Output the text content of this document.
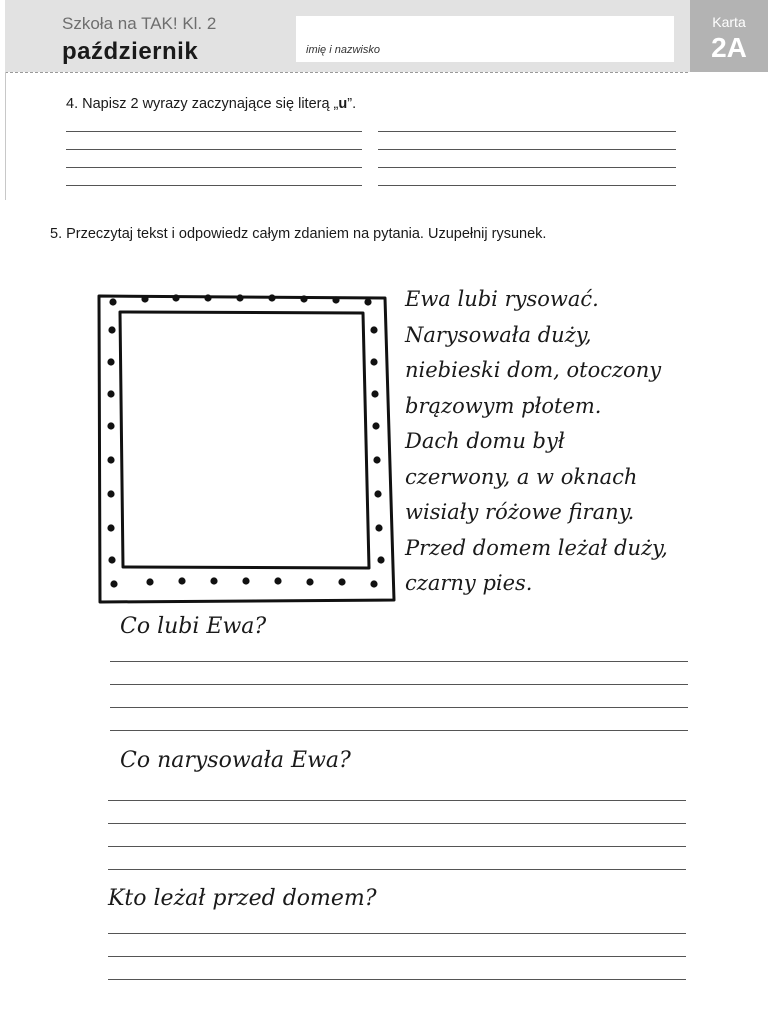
Szkoła na TAK! Kl. 2
październik	imię i nazwisko
Karta
2A
4. Napisz 2 wyrazy zaczynające się literą „u”.
5. Przeczytaj tekst i odpowiedz całym zdaniem na pytania. Uzupełnij rysunek.
Ewa lubi rysować.
Narysowała duży,
niebieski dom, otoczony
brązowym płotem.
Dach domu był
czerwony, a w oknach
wisiały różowe firany.
Przed domem leżał duży,
czarny pies.
Co lubi Ewa?
Co narysowała Ewa?
Kto leżał przed domem?
